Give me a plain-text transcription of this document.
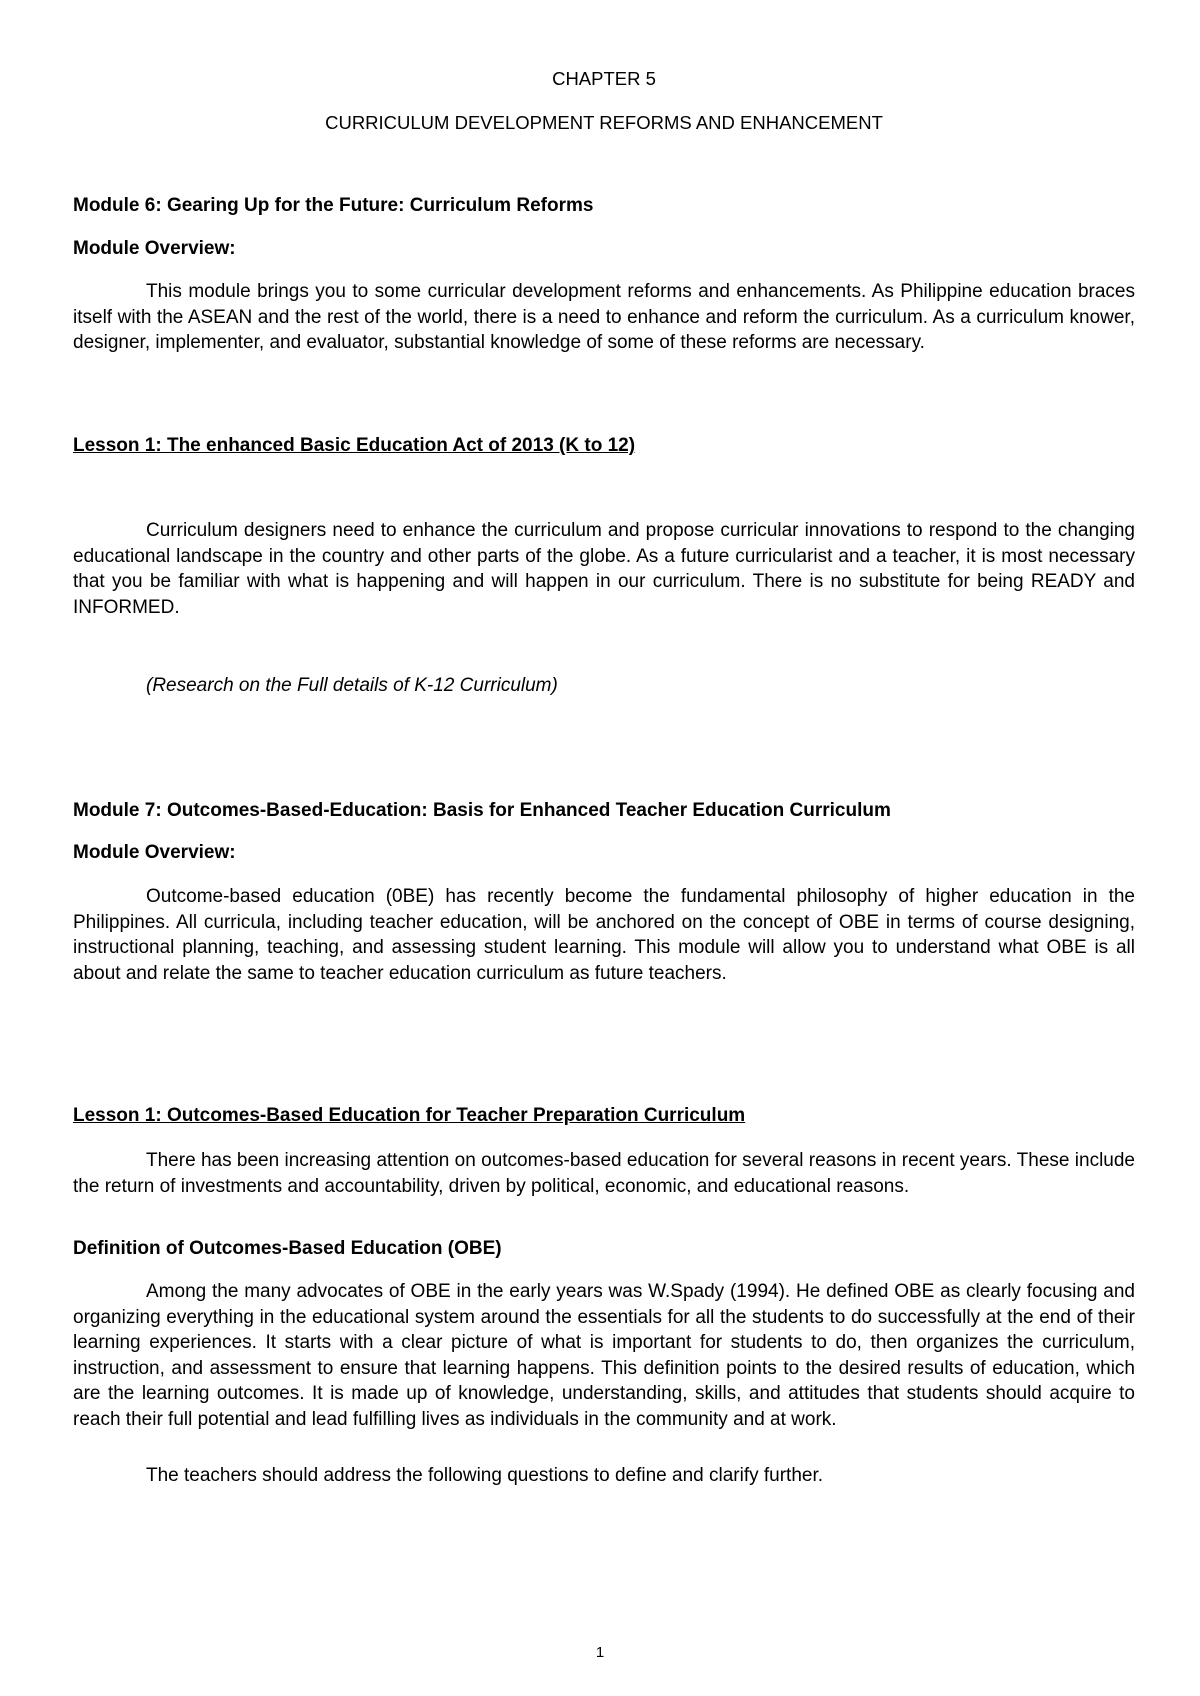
CHAPTER 5
CURRICULUM DEVELOPMENT REFORMS AND ENHANCEMENT
Module 6: Gearing Up for the Future: Curriculum Reforms
Module Overview:

This module brings you to some curricular development reforms and enhancements. As Philippine education braces itself with the ASEAN and the rest of the world, there is a need to enhance and reform the curriculum. As a curriculum knower, designer, implementer, and evaluator, substantial knowledge of some of these reforms are necessary.

Lesson 1: The enhanced Basic Education Act of 2013 (K to 12)

Curriculum designers need to enhance the curriculum and propose curricular innovations to respond to the changing educational landscape in the country and other parts of the globe. As a future curricularist and a teacher, it is most necessary that you be familiar with what is happening and will happen in our curriculum. There is no substitute for being READY and INFORMED.

(Research on the Full details of K-12 Curriculum)
Module 7: Outcomes-Based-Education: Basis for Enhanced Teacher Education Curriculum
Module Overview:

Outcome-based education (0BE) has recently become the fundamental philosophy of higher education in the Philippines. All curricula, including teacher education, will be anchored on the concept of OBE in terms of course designing, instructional planning, teaching, and assessing student learning. This module will allow you to understand what OBE is all about and relate the same to teacher education curriculum as future teachers.

Lesson 1: Outcomes-Based Education for Teacher Preparation Curriculum

There has been increasing attention on outcomes-based education for several reasons in recent years. These include the return of investments and accountability, driven by political, economic, and educational reasons.

Definition of Outcomes-Based Education (OBE)

Among the many advocates of OBE in the early years was W.Spady (1994). He defined OBE as clearly focusing and organizing everything in the educational system around the essentials for all the students to do successfully at the end of their learning experiences. It starts with a clear picture of what is important for students to do, then organizes the curriculum, instruction, and assessment to ensure that learning happens. This definition points to the desired results of education, which are the learning outcomes. It is made up of knowledge, understanding, skills, and attitudes that students should acquire to reach their full potential and lead fulfilling lives as individuals in the community and at work.

The teachers should address the following questions to define and clarify further.

1
